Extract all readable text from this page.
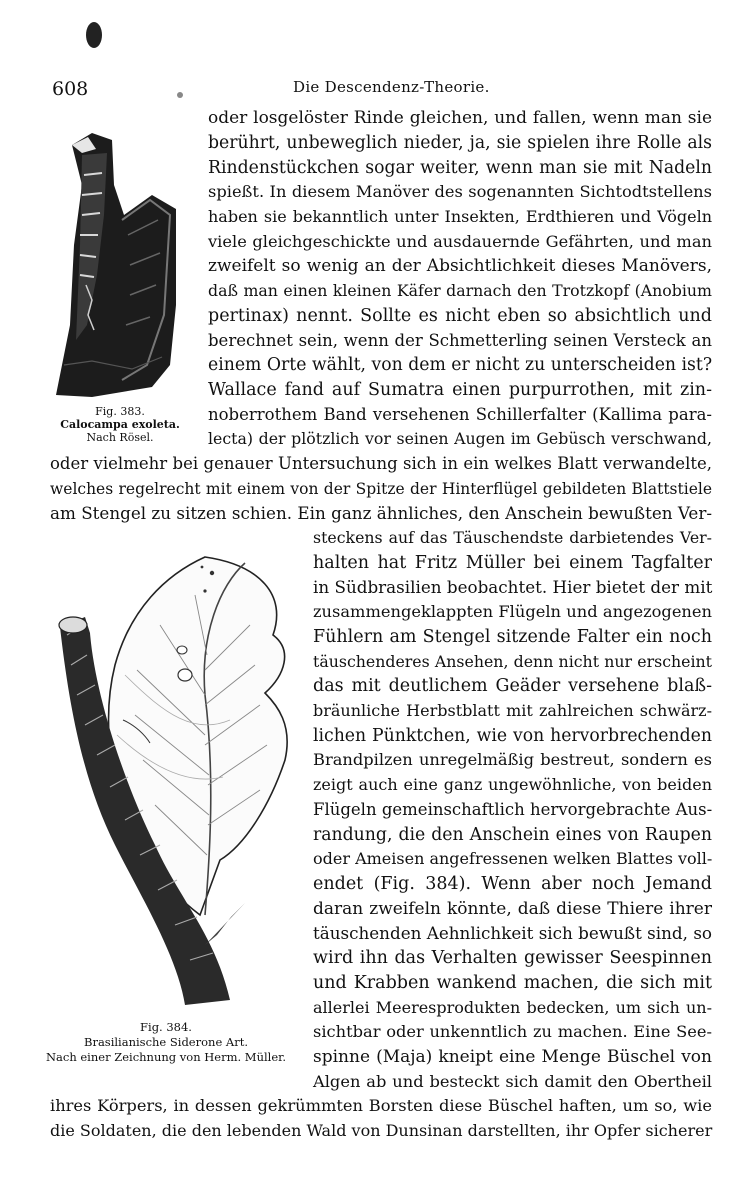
608	Die Descendenz-Theorie.
Fig. 383.
Calocampa exoleta.
Nach Rösel.
Fig. 384.
Brasilianische Siderone Art.
Nach einer Zeichnung von Herm. Müller.
oder losgelöster Rinde gleichen, und fallen, wenn man sie
berührt, unbeweglich nieder, ja, sie spielen ihre Rolle als
Rindenstückchen sogar weiter, wenn man sie mit Nadeln
spießt. In diesem Manöver des sogenannten Sichtodtstellens
haben sie bekanntlich unter Insekten, Erdthieren und Vögeln
viele gleichgeschickte und ausdauernde Gefährten, und man
zweifelt so wenig an der Absichtlichkeit dieses Manövers,
daß man einen kleinen Käfer darnach den Trotzkopf (Anobium
pertinax) nennt. Sollte es nicht eben so absichtlich und
berechnet sein, wenn der Schmetterling seinen Versteck an
einem Orte wählt, von dem er nicht zu unterscheiden ist?
Wallace fand auf Sumatra einen purpurrothen, mit zin-
noberrothem Band versehenen Schillerfalter (Kallima para-
lecta) der plötzlich vor seinen Augen im Gebüsch verschwand,
oder vielmehr bei genauer Untersuchung sich in ein welkes Blatt verwandelte,
welches regelrecht mit einem von der Spitze der Hinterflügel gebildeten Blattstiele
am Stengel zu sitzen schien. Ein ganz ähnliches, den Anschein bewußten Ver-
steckens auf das Täuschendste darbietendes Ver-
halten hat Fritz Müller bei einem Tagfalter
in Südbrasilien beobachtet. Hier bietet der mit
zusammengeklappten Flügeln und angezogenen
Fühlern am Stengel sitzende Falter ein noch
täuschenderes Ansehen, denn nicht nur erscheint
das mit deutlichem Geäder versehene blaß-
bräunliche Herbstblatt mit zahlreichen schwärz-
lichen Pünktchen, wie von hervorbrechenden
Brandpilzen unregelmäßig bestreut, sondern es
zeigt auch eine ganz ungewöhnliche, von beiden
Flügeln gemeinschaftlich hervorgebrachte Aus-
randung, die den Anschein eines von Raupen
oder Ameisen angefressenen welken Blattes voll-
endet (Fig. 384). Wenn aber noch Jemand
daran zweifeln könnte, daß diese Thiere ihrer
täuschenden Aehnlichkeit sich bewußt sind, so
wird ihn das Verhalten gewisser Seespinnen
und Krabben wankend machen, die sich mit
allerlei Meeresprodukten bedecken, um sich un-
sichtbar oder unkenntlich zu machen. Eine See-
spinne (Maja) kneipt eine Menge Büschel von
Algen ab und besteckt sich damit den Obertheil
ihres Körpers, in dessen gekrümmten Borsten diese Büschel haften, um so, wie
die Soldaten, die den lebenden Wald von Dunsinan darstellten, ihr Opfer sicherer
